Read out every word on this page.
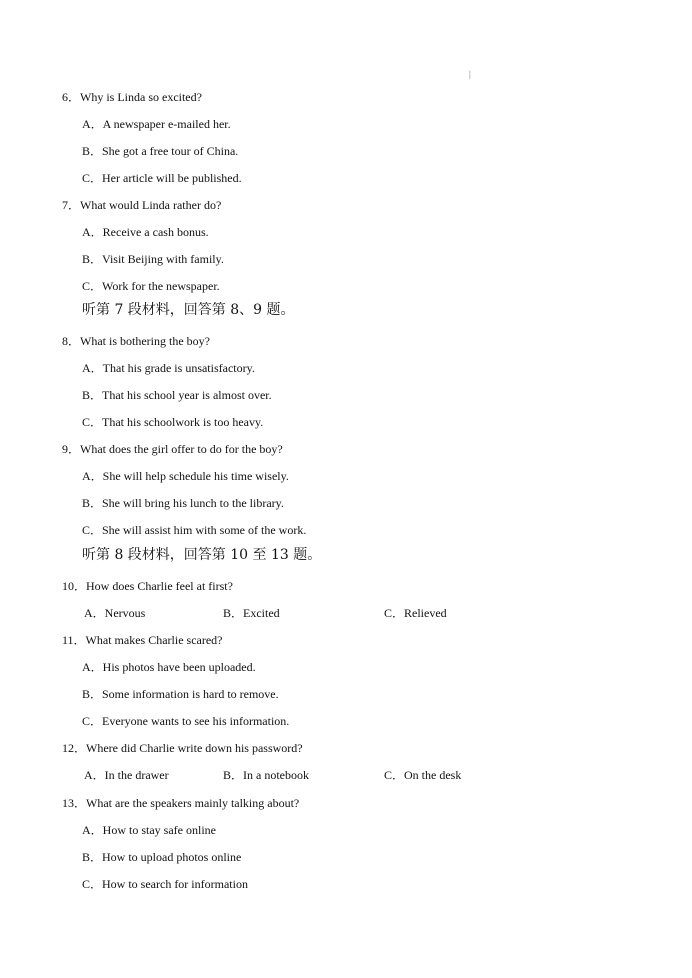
|
6．Why is Linda so excited?
A．A newspaper e-mailed her.
B．She got a free tour of China.
C．Her article will be published.
7．What would Linda rather do?
A．Receive a cash bonus.
B．Visit Beijing with family.
C．Work for the newspaper.
听第 7 段材料，回答第 8、9 题。
8．What is bothering the boy?
A．That his grade is unsatisfactory.
B．That his school year is almost over.
C．That his schoolwork is too heavy.
9．What does the girl offer to do for the boy?
A．She will help schedule his time wisely.
B．She will bring his lunch to the library.
C．She will assist him with some of the work.
听第 8 段材料，回答第 10 至 13 题。
10．How does Charlie feel at first?
A．Nervous	B．Excited	C．Relieved
11．What makes Charlie scared?
A．His photos have been uploaded.
B．Some information is hard to remove.
C．Everyone wants to see his information.
12．Where did Charlie write down his password?
A．In the drawer	B．In a notebook	C．On the desk
13．What are the speakers mainly talking about?
A．How to stay safe online
B．How to upload photos online
C．How to search for information
